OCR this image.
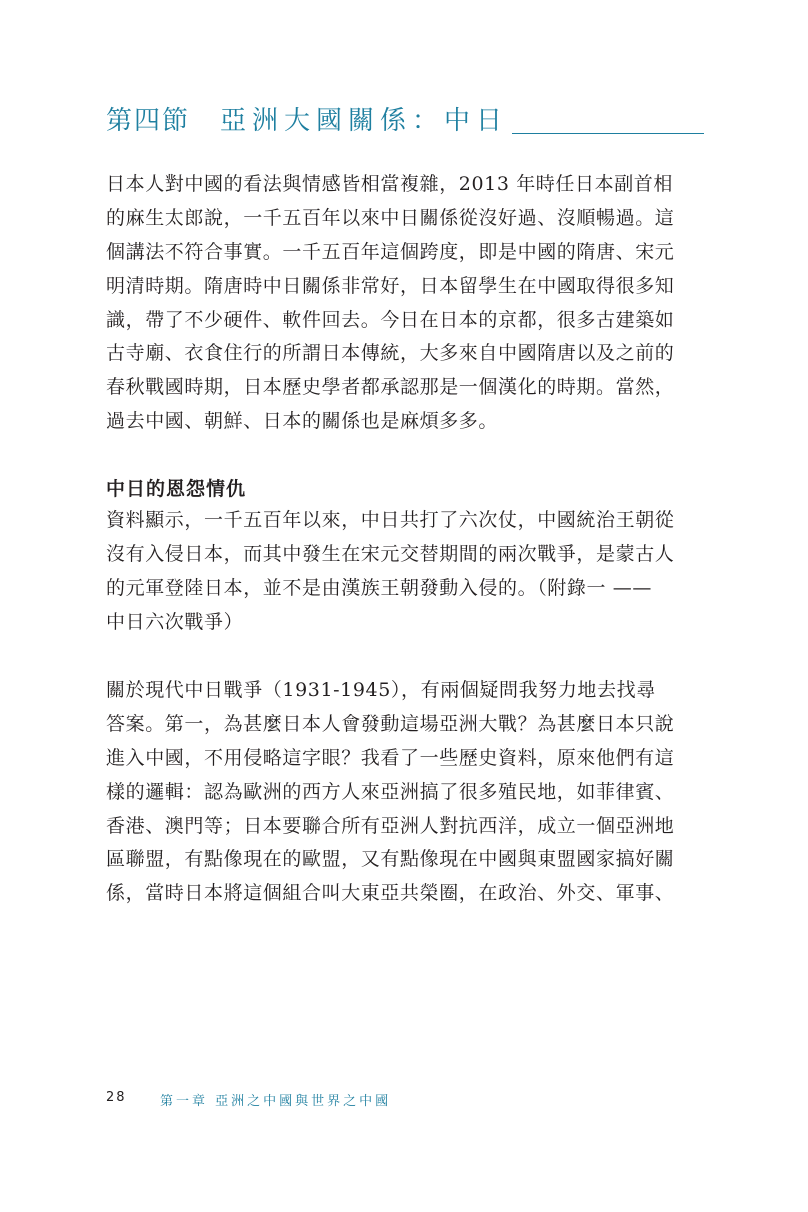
第四節 亞洲大國關係：中日
日本人對中國的看法與情感皆相當複雜，2013 年時任日本副首相
的麻生太郎說，一千五百年以來中日關係從沒好過、沒順暢過。這
個講法不符合事實。一千五百年這個跨度，即是中國的隋唐、宋元
明清時期。隋唐時中日關係非常好，日本留學生在中國取得很多知
識，帶了不少硬件、軟件回去。今日在日本的京都，很多古建築如
古寺廟、衣食住行的所謂日本傳統，大多來自中國隋唐以及之前的
春秋戰國時期，日本歷史學者都承認那是一個漢化的時期。當然，
過去中國、朝鮮、日本的關係也是麻煩多多。
中日的恩怨情仇
資料顯示，一千五百年以來，中日共打了六次仗，中國統治王朝從
沒有入侵日本，而其中發生在宋元交替期間的兩次戰爭，是蒙古人
的元軍登陸日本，並不是由漢族王朝發動入侵的。（附錄一 ——
中日六次戰爭）
關於現代中日戰爭（1931-1945），有兩個疑問我努力地去找尋
答案。第一，為甚麼日本人會發動這場亞洲大戰？為甚麼日本只說
進入中國，不用侵略這字眼？我看了一些歷史資料，原來他們有這
樣的邏輯：認為歐洲的西方人來亞洲搞了很多殖民地，如菲律賓、
香港、澳門等；日本要聯合所有亞洲人對抗西洋，成立一個亞洲地
區聯盟，有點像現在的歐盟，又有點像現在中國與東盟國家搞好關
係，當時日本將這個組合叫大東亞共榮圈，在政治、外交、軍事、
28	第一章 亞洲之中國與世界之中國
